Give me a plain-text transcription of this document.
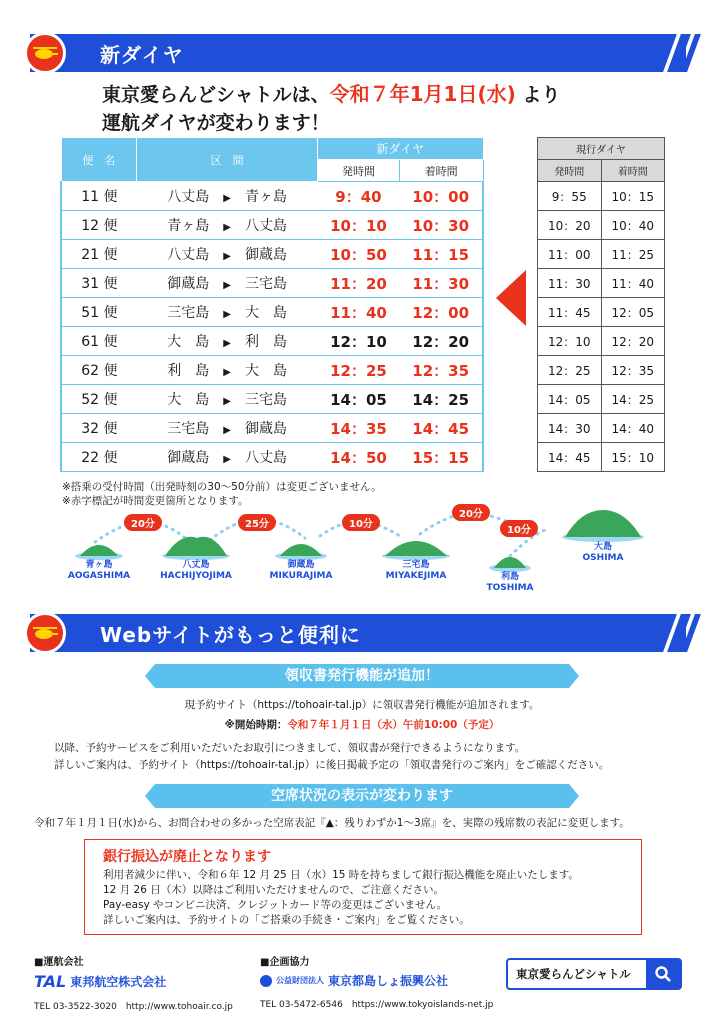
新ダイヤ
東京愛らんどシャトルは、令和７年1月1日(水) より
運航ダイヤが変わります！
便　名	区　間	新ダイヤ	
		発時間	着時間
11 便	八丈島　 ▶　 青ヶ島	9：40	10：00
12 便	青ヶ島　 ▶　 八丈島	10：10	10：30
21 便	八丈島　 ▶　 御蔵島	10：50	11：15
31 便	御蔵島　 ▶　 三宅島	11：20	11：30
51 便	三宅島　 ▶　 大　島	11：40	12：00
61 便	大　島　 ▶　 利　島	12：10	12：20
62 便	利　島　 ▶　 大　島	12：25	12：35
52 便	大　島　 ▶　 三宅島	14：05	14：25
32 便	三宅島　 ▶　 御蔵島	14：35	14：45
22 便	御蔵島　 ▶　 八丈島	14：50	15：15
現行ダイヤ	
発時間	着時間
9：55	10：15
10：20	10：40
11：00	11：25
11：30	11：40
11：45	12：05
12：10	12：20
12：25	12：35
14：05	14：25
14：30	14：40
14：45	15：10
※搭乗の受付時間（出発時刻の30～50分前）は変更ございません。
※赤字標記が時間変更箇所となります。
20分	25分	10分
20分
10分
青ヶ島
AOGASHIMA
八丈島
HACHIJYOJIMA
御蔵島
MIKURAJIMA
三宅島
MIYAKEJIMA	利島
TOSHIMA
大島
OSHIMA
Webサイトがもっと便利に
領収書発行機能が追加！
現予約サイト（https://tohoair-tal.jp）に領収書発行機能が追加されます。
※開始時期：令和７年１月１日（水）午前10:00（予定）
以降、予約サービスをご利用いただいたお取引につきまして、領収書が発行できるようになります。
詳しいご案内は、予約サイト（https://tohoair-tal.jp）に後日掲載予定の「領収書発行のご案内」をご確認ください。
空席状況の表示が変わります
令和７年１月１日(水)から、お問合わせの多かった空席表記『▲：残りわずか1～3席』を、実際の残席数の表記に変更します。
銀行振込が廃止となります
利用者減少に伴い、令和６年 12 月 25 日（水）15 時を持ちまして銀行振込機能を廃止いたします。
12 月 26 日（木）以降はご利用いただけませんので、ご注意ください。
Pay-easy やコンビニ決済、クレジットカード等の変更はございません。
詳しいご案内は、予約サイトの「ご搭乗の手続き・ご案内」をご覧ください。
■運航会社
TAL 東邦航空株式会社
TEL 03-3522-3020　http://www.tohoair.co.jp
■企画協力
公益財団法人 東京都島しょ振興公社
TEL 03-5472-6546　https://www.tokyoislands-net.jp
東京愛らんどシャトル
